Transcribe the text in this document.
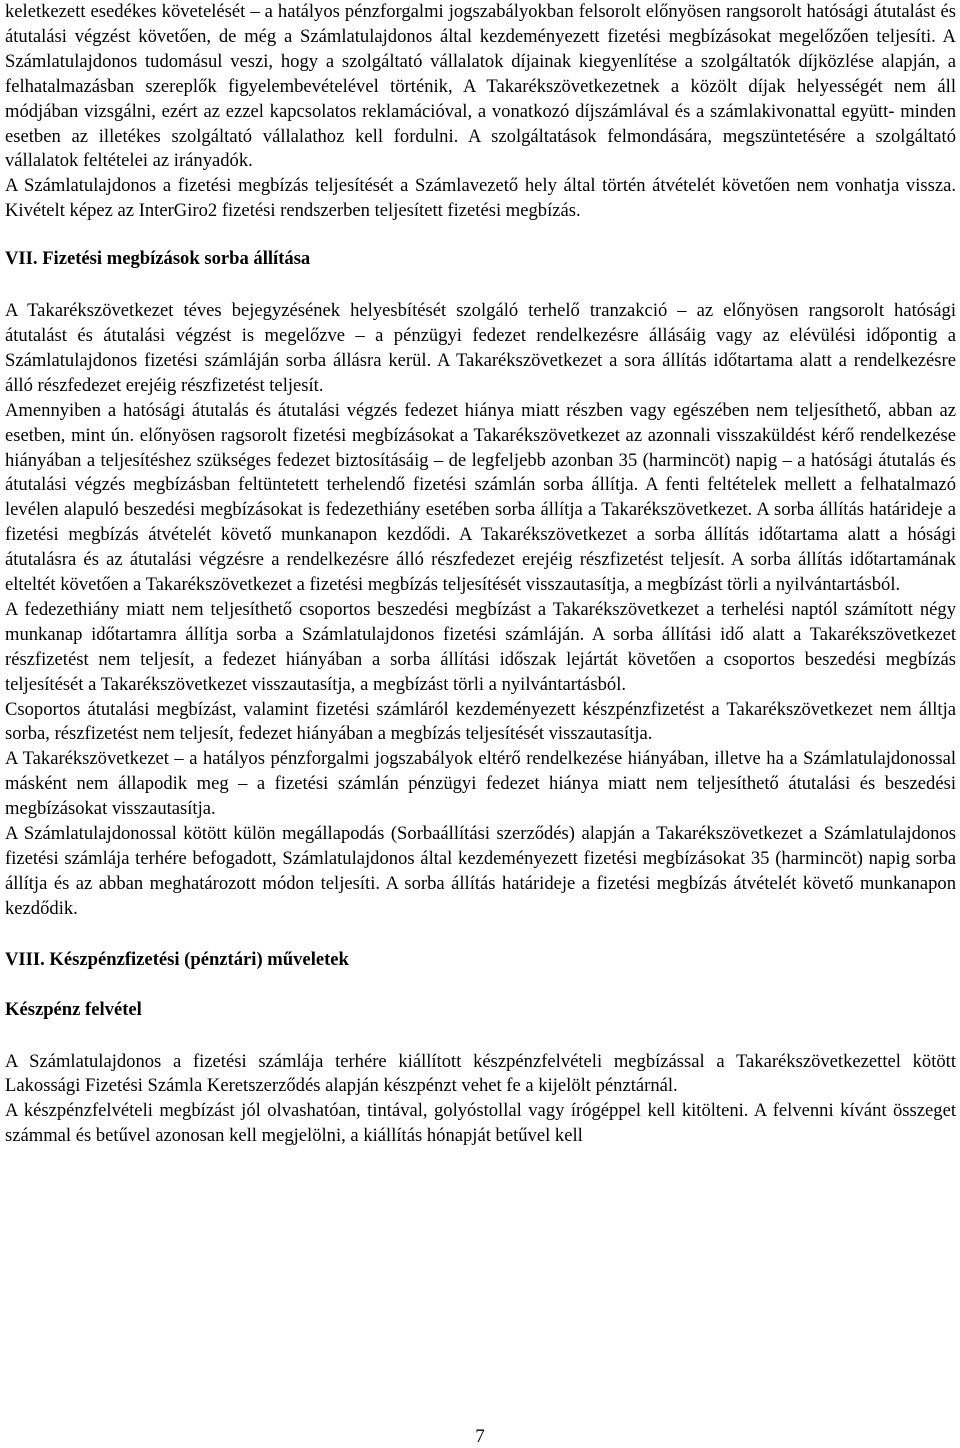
keletkezett esedékes követelését – a hatályos pénzforgalmi jogszabályokban felsorolt előnyösen rangsorolt hatósági átutalást és átutalási végzést követően, de még a Számlatulajdonos által kezdeményezett fizetési megbízásokat megelőzően teljesíti. A Számlatulajdonos tudomásul veszi, hogy a szolgáltató vállalatok díjainak kiegyenlítése a szolgáltatók díjközlése alapján, a felhatalmazásban szereplők figyelembevételével történik, A Takarékszövetkezetnek a közölt díjak helyességét nem áll módjában vizsgálni, ezért az ezzel kapcsolatos reklamációval, a vonatkozó díjszámlával és a számlakivonattal együtt- minden esetben az illetékes szolgáltató vállalathoz kell fordulni. A szolgáltatások felmondására, megszüntetésére a szolgáltató vállalatok feltételei az irányadók.

A Számlatulajdonos a fizetési megbízás teljesítését a Számlavezető hely által történ átvételét követően nem vonhatja vissza. Kivételt képez az InterGiro2 fizetési rendszerben teljesített fizetési megbízás.

VII. Fizetési megbízások sorba állítása

A Takarékszövetkezet téves bejegyzésének helyesbítését szolgáló terhelő tranzakció – az előnyösen rangsorolt hatósági átutalást és átutalási végzést is megelőzve – a pénzügyi fedezet rendelkezésre állásáig vagy az elévülési időpontig a Számlatulajdonos fizetési számláján sorba állásra kerül. A Takarékszövetkezet a sora állítás időtartama alatt a rendelkezésre álló részfedezet erejéig részfizetést teljesít.

Amennyiben a hatósági átutalás és átutalási végzés fedezet hiánya miatt részben vagy egészében nem teljesíthető, abban az esetben, mint ún. előnyösen ragsorolt fizetési megbízásokat a Takarékszövetkezet az azonnali visszaküldést kérő rendelkezése hiányában a teljesítéshez szükséges fedezet biztosításáig – de legfeljebb azonban 35 (harmincöt) napig – a hatósági átutalás és átutalási végzés megbízásban feltüntetett terhelendő fizetési számlán sorba állítja. A fenti feltételek mellett a felhatalmazó levélen alapuló beszedési megbízásokat is fedezethiány esetében sorba állítja a Takarékszövetkezet. A sorba állítás határideje a fizetési megbízás átvételét követő munkanapon kezdődi. A Takarékszövetkezet a sorba állítás időtartama alatt a hósági átutalásra és az átutalási végzésre a rendelkezésre álló részfedezet erejéig részfizetést teljesít. A sorba állítás időtartamának elteltét követően a Takarékszövetkezet a fizetési megbízás teljesítését visszautasítja, a megbízást törli a nyilvántartásból.

A fedezethiány miatt nem teljesíthető csoportos beszedési megbízást a Takarékszövetkezet a terhelési naptól számított négy munkanap időtartamra állítja sorba a Számlatulajdonos fizetési számláján. A sorba állítási idő alatt a Takarékszövetkezet részfizetést nem teljesít, a fedezet hiányában a sorba állítási időszak lejártát követően a csoportos beszedési megbízás teljesítését a Takarékszövetkezet visszautasítja, a megbízást törli a nyilvántartásból.

Csoportos átutalási megbízást, valamint fizetési számláról kezdeményezett készpénzfizetést a Takarékszövetkezet nem álltja sorba, részfizetést nem teljesít, fedezet hiányában a megbízás teljesítését visszautasítja.

A Takarékszövetkezet – a hatályos pénzforgalmi jogszabályok eltérő rendelkezése hiányában, illetve ha a Számlatulajdonossal másként nem állapodik meg – a fizetési számlán pénzügyi fedezet hiánya miatt nem teljesíthető átutalási és beszedési megbízásokat visszautasítja.

A Számlatulajdonossal kötött külön megállapodás (Sorbaállítási szerződés) alapján a Takarékszövetkezet a Számlatulajdonos fizetési számlája terhére befogadott, Számlatulajdonos által kezdeményezett fizetési megbízásokat 35 (harmincöt) napig sorba állítja és az abban meghatározott módon teljesíti. A sorba állítás határideje a fizetési megbízás átvételét követő munkanapon kezdődik.

VIII. Készpénzfizetési (pénztári) műveletek

Készpénz felvétel

A Számlatulajdonos a fizetési számlája terhére kiállított készpénzfelvételi megbízással a Takarékszövetkezettel kötött Lakossági Fizetési Számla Keretszerződés alapján készpénzt vehet fe a kijelölt pénztárnál.

A készpénzfelvételi megbízást jól olvashatóan, tintával, golyóstollal vagy írógéppel kell kitölteni. A felvenni kívánt összeget számmal és betűvel azonosan kell megjelölni, a kiállítás hónapját betűvel kell

7
